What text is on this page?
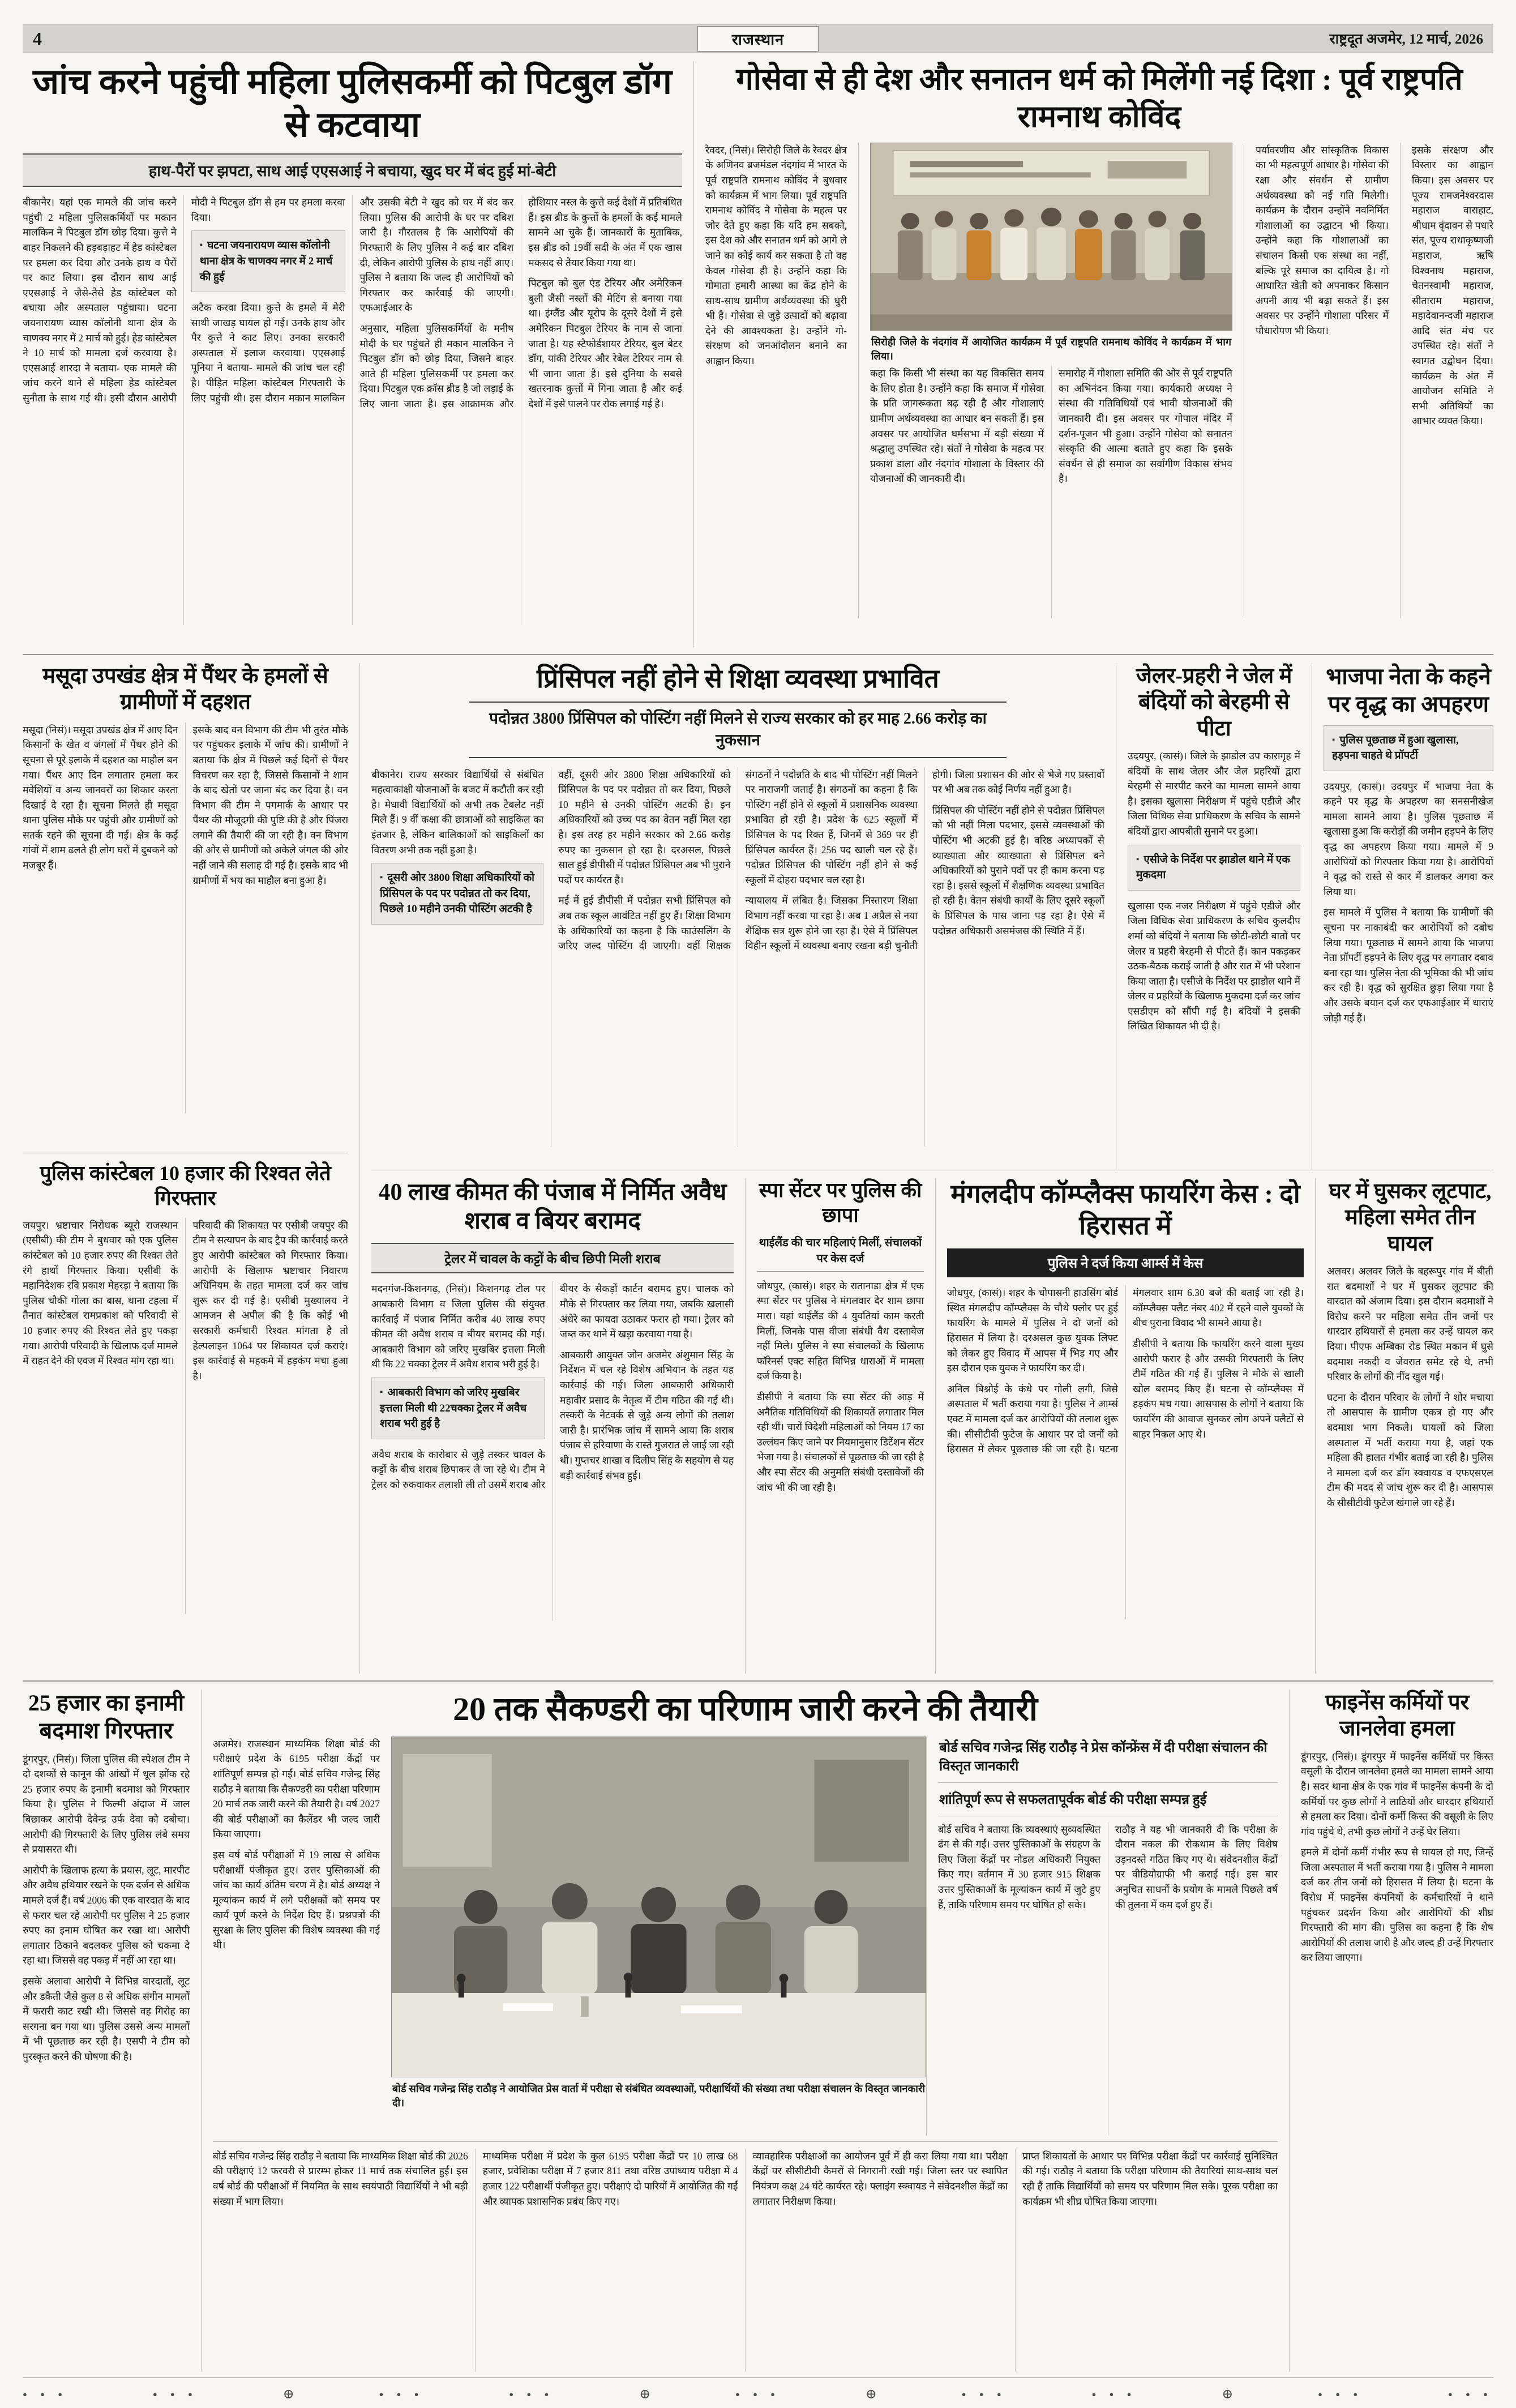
4	राजस्थान	राष्ट्रदूत अजमेर, 12 मार्च, 2026
जांच करने पहुंची महिला पुलिसकर्मी को पिटबुल डॉग से कटवाया
हाथ-पैरों पर झपटा, साथ आई एएसआई ने बचाया, खुद घर में बंद हुई मां-बेटी

बीकानेर। यहां एक मामले की जांच करने पहुंची 2 महिला पुलिसकर्मियों पर मकान मालकिन ने पिटबुल डॉग छोड़ दिया। कुत्ते ने बाहर निकलने की हड़बड़ाहट में हेड कांस्टेबल पर हमला कर दिया और उनके हाथ व पैरों पर काट लिया। इस दौरान साथ आई एएसआई ने जैसे-तैसे हेड कांस्टेबल को बचाया और अस्पताल पहुंचाया। घटना जयनारायण व्यास कॉलोनी थाना क्षेत्र के चाणक्य नगर में 2 मार्च को हुई। हेड कांस्टेबल ने 10 मार्च को मामला दर्ज करवाया है। एएसआई शारदा ने बताया- एक मामले की जांच करने थाने से महिला हेड कांस्टेबल सुनीता के साथ गई थी। इसी दौरान आरोपी मोदी ने पिटबुल डॉग से हम पर हमला करवा दिया।

▪ घटना जयनारायण व्यास कॉलोनी थाना क्षेत्र के चाणक्य नगर में 2 मार्च की हुई

अटैक करवा दिया। कुत्ते के हमले में मेरी साथी जाखड़ घायल हो गई। उनके हाथ और पैर कुत्ते ने काट लिए। उनका सरकारी अस्पताल में इलाज करवाया। एएसआई पूनिया ने बताया- मामले की जांच चल रही है। पीड़ित महिला कांस्टेबल गिरफ्तारी के लिए पहुंची थी। इस दौरान मकान मालकिन और उसकी बेटी ने खुद को घर में बंद कर लिया। पुलिस की आरोपी के घर पर दबिश जारी है। गौरतलब है कि आरोपियों की गिरफ्तारी के लिए पुलिस ने कई बार दबिश दी, लेकिन आरोपी पुलिस के हाथ नहीं आए। पुलिस ने बताया कि जल्द ही आरोपियों को गिरफ्तार कर कार्रवाई की जाएगी। एफआईआर के

अनुसार, महिला पुलिसकर्मियों के मनीष मोदी के घर पहुंचते ही मकान मालकिन ने पिटबुल डॉग को छोड़ दिया, जिसने बाहर आते ही महिला पुलिसकर्मी पर हमला कर दिया। पिटबुल एक क्रॉस ब्रीड है जो लड़ाई के लिए जाना जाता है। इस आक्रामक और होशियार नस्ल के कुत्ते कई देशों में प्रतिबंधित हैं। इस ब्रीड के कुत्तों के हमलों के कई मामले सामने आ चुके हैं। जानकारों के मुताबिक, इस ब्रीड को 19वीं सदी के अंत में एक खास मकसद से तैयार किया गया था।

पिटबुल को बुल एंड टेरियर और अमेरिकन बुली जैसी नस्लों की मेटिंग से बनाया गया था। इंग्लैंड और यूरोप के दूसरे देशों में इसे अमेरिकन पिटबुल टेरियर के नाम से जाना जाता है। यह स्टैफोर्डशायर टेरियर, बुल बेटर डॉग, यांकी टेरियर और रेबेल टेरियर नाम से भी जाना जाता है। इसे दुनिया के सबसे खतरनाक कुत्तों में गिना जाता है और कई देशों में इसे पालने पर रोक लगाई गई है।

गोसेवा से ही देश और सनातन धर्म को मिलेंगी नई दिशा : पूर्व राष्ट्रपति रामनाथ कोविंद

रेवदर, (निसं)। सिरोही जिले के रेवदर क्षेत्र के अणिनव ब्रजमंडल नंदगांव में भारत के पूर्व राष्ट्रपति रामनाथ कोविंद ने बुधवार को कार्यक्रम में भाग लिया। पूर्व राष्ट्रपति रामनाथ कोविंद ने गोसेवा के महत्व पर जोर देते हुए कहा कि यदि हम सबको, इस देश को और सनातन धर्म को आगे ले जाने का कोई कार्य कर सकता है तो वह केवल गोसेवा ही है। उन्होंने कहा कि गोमाता हमारी आस्था का केंद्र होने के साथ-साथ ग्रामीण अर्थव्यवस्था की धुरी भी है। गोसेवा से जुड़े उत्पादों को बढ़ावा देने की आवश्यकता है। उन्होंने गो-संरक्षण को जनआंदोलन बनाने का आह्वान किया।

सिरोही जिले के नंदगांव में आयोजित कार्यक्रम में पूर्व राष्ट्रपति रामनाथ कोविंद ने कार्यक्रम में भाग लिया।

कहा कि किसी भी संस्था का यह विकसित समय के लिए होता है। उन्होंने कहा कि समाज में गोसेवा के प्रति जागरूकता बढ़ रही है और गोशालाएं ग्रामीण अर्थव्यवस्था का आधार बन सकती हैं। इस अवसर पर आयोजित धर्मसभा में बड़ी संख्या में श्रद्धालु उपस्थित रहे। संतों ने गोसेवा के महत्व पर प्रकाश डाला और नंदगांव गोशाला के विस्तार की योजनाओं की जानकारी दी।

समारोह में गोशाला समिति की ओर से पूर्व राष्ट्रपति का अभिनंदन किया गया। कार्यकारी अध्यक्ष ने संस्था की गतिविधियों एवं भावी योजनाओं की जानकारी दी। इस अवसर पर गोपाल मंदिर में दर्शन-पूजन भी हुआ। उन्होंने गोसेवा को सनातन संस्कृति की आत्मा बताते हुए कहा कि इसके संवर्धन से ही समाज का सर्वांगीण विकास संभव है।

पर्यावरणीय और सांस्कृतिक विकास का भी महत्वपूर्ण आधार है। गोसेवा की रक्षा और संवर्धन से ग्रामीण अर्थव्यवस्था को नई गति मिलेगी। कार्यक्रम के दौरान उन्होंने नवनिर्मित गोशालाओं का उद्घाटन भी किया। उन्होंने कहा कि गोशालाओं का संचालन किसी एक संस्था का नहीं, बल्कि पूरे समाज का दायित्व है। गो आधारित खेती को अपनाकर किसान अपनी आय भी बढ़ा सकते हैं। इस अवसर पर उन्होंने गोशाला परिसर में पौधारोपण भी किया।

इसके संरक्षण और विस्तार का आह्वान किया। इस अवसर पर पूज्य रामजनेश्वरदास महाराज वाराहाट, श्रीधाम वृंदावन से पधारे संत, पूज्य राधाकृष्णजी महाराज, ऋषि विश्वनाथ महाराज, चेतनस्वामी महाराज, सीताराम महाराज, महादेवानन्दजी महाराज आदि संत मंच पर उपस्थित रहे। संतों ने स्वागत उद्बोधन दिया। कार्यक्रम के अंत में आयोजन समिति ने सभी अतिथियों का आभार व्यक्त किया।

मसूदा उपखंड क्षेत्र में पैंथर के हमलों से ग्रामीणों में दहशत

मसूदा (निसं)। मसूदा उपखंड क्षेत्र में आए दिन किसानों के खेत व जंगलों में पैंथर होने की सूचना से पूरे इलाके में दहशत का माहौल बन गया। पैंथर आए दिन लगातार हमला कर मवेशियों व अन्य जानवरों का शिकार करता दिखाई दे रहा है। सूचना मिलते ही मसूदा थाना पुलिस मौके पर पहुंची और ग्रामीणों को सतर्क रहने की सूचना दी गई। क्षेत्र के कई गांवों में शाम ढलते ही लोग घरों में दुबकने को मजबूर हैं।

इसके बाद वन विभाग की टीम भी तुरंत मौके पर पहुंचकर इलाके में जांच की। ग्रामीणों ने बताया कि क्षेत्र में पिछले कई दिनों से पैंथर विचरण कर रहा है, जिससे किसानों ने शाम के बाद खेतों पर जाना बंद कर दिया है। वन विभाग की टीम ने पगमार्क के आधार पर पैंथर की मौजूदगी की पुष्टि की है और पिंजरा लगाने की तैयारी की जा रही है। वन विभाग की ओर से ग्रामीणों को अकेले जंगल की ओर नहीं जाने की सलाह दी गई है। इसके बाद भी ग्रामीणों में भय का माहौल बना हुआ है।

पुलिस कांस्टेबल 10 हजार की रिश्वत लेते गिरफ्तार

जयपुर। भ्रष्टाचार निरोधक ब्यूरो राजस्थान (एसीबी) की टीम ने बुधवार को एक पुलिस कांस्टेबल को 10 हजार रुपए की रिश्वत लेते रंगे हाथों गिरफ्तार किया। एसीबी के महानिदेशक रवि प्रकाश मेहरड़ा ने बताया कि पुलिस चौकी गोला का बास, थाना टहला में तैनात कांस्टेबल रामप्रकाश को परिवादी से 10 हजार रुपए की रिश्वत लेते हुए पकड़ा गया। आरोपी परिवादी के खिलाफ दर्ज मामले में राहत देने की एवज में रिश्वत मांग रहा था।

परिवादी की शिकायत पर एसीबी जयपुर की टीम ने सत्यापन के बाद ट्रैप की कार्रवाई करते हुए आरोपी कांस्टेबल को गिरफ्तार किया। आरोपी के खिलाफ भ्रष्टाचार निवारण अधिनियम के तहत मामला दर्ज कर जांच शुरू कर दी गई है। एसीबी मुख्यालय ने आमजन से अपील की है कि कोई भी सरकारी कर्मचारी रिश्वत मांगता है तो हेल्पलाइन 1064 पर शिकायत दर्ज कराएं। इस कार्रवाई से महकमे में हड़कंप मचा हुआ है।

प्रिंसिपल नहीं होने से शिक्षा व्यवस्था प्रभावित
पदोन्नत 3800 प्रिंसिपल को पोस्टिंग नहीं मिलने से राज्य सरकार को हर माह 2.66 करोड़ का नुकसान

बीकानेर। राज्य सरकार विद्यार्थियों से संबंधित महत्वाकांक्षी योजनाओं के बजट में कटौती कर रही है। मेधावी विद्यार्थियों को अभी तक टैबलेट नहीं मिले हैं। 9 वीं कक्षा की छात्राओं को साइकिल का इंतजार है, लेकिन बालिकाओं को साइकिलों का वितरण अभी तक नहीं हुआ है।

▪ दूसरी ओर 3800 शिक्षा अधिकारियों को प्रिंसिपल के पद पर पदोन्नत तो कर दिया, पिछले 10 महीने उनकी पोस्टिंग अटकी है

वहीं, दूसरी ओर 3800 शिक्षा अधिकारियों को प्रिंसिपल के पद पर पदोन्नत तो कर दिया, पिछले 10 महीने से उनकी पोस्टिंग अटकी है। इन अधिकारियों को उच्च पद का वेतन नहीं मिल रहा है। इस तरह हर महीने सरकार को 2.66 करोड़ रुपए का नुकसान हो रहा है। दरअसल, पिछले साल हुई डीपीसी में पदोन्नत प्रिंसिपल अब भी पुराने पदों पर कार्यरत हैं।

मई में हुई डीपीसी में पदोन्नत सभी प्रिंसिपल को अब तक स्कूल आवंटित नहीं हुए हैं। शिक्षा विभाग के अधिकारियों का कहना है कि काउंसलिंग के जरिए जल्द पोस्टिंग दी जाएगी। वहीं शिक्षक संगठनों ने पदोन्नति के बाद भी पोस्टिंग नहीं मिलने पर नाराजगी जताई है। संगठनों का कहना है कि पोस्टिंग नहीं होने से स्कूलों में प्रशासनिक व्यवस्था प्रभावित हो रही है। प्रदेश के 625 स्कूलों में प्रिंसिपल के पद रिक्त हैं, जिनमें से 369 पर ही प्रिंसिपल कार्यरत हैं। 256 पद खाली चल रहे हैं। पदोन्नत प्रिंसिपल की पोस्टिंग नहीं होने से कई स्कूलों में दोहरा पदभार चल रहा है।

न्यायालय में लंबित है। जिसका निस्तारण शिक्षा विभाग नहीं करवा पा रहा है। अब 1 अप्रैल से नया शैक्षिक सत्र शुरू होने जा रहा है। ऐसे में प्रिंसिपल विहीन स्कूलों में व्यवस्था बनाए रखना बड़ी चुनौती होगी। जिला प्रशासन की ओर से भेजे गए प्रस्तावों पर भी अब तक कोई निर्णय नहीं हुआ है।

प्रिंसिपल की पोस्टिंग नहीं होने से पदोन्नत प्रिंसिपल को भी नहीं मिला पदभार, इससे व्यवस्थाओं की पोस्टिंग भी अटकी हुई है। वरिष्ठ अध्यापकों से व्याख्याता और व्याख्याता से प्रिंसिपल बने अधिकारियों को पुराने पदों पर ही काम करना पड़ रहा है। इससे स्कूलों में शैक्षणिक व्यवस्था प्रभावित हो रही है। वेतन संबंधी कार्यों के लिए दूसरे स्कूलों के प्रिंसिपल के पास जाना पड़ रहा है। ऐसे में पदोन्नत अधिकारी असमंजस की स्थिति में हैं।

जेलर-प्रहरी ने जेल में बंदियों को बेरहमी से पीटा

उदयपुर, (कासं)। जिले के झाडोल उप कारागृह में बंदियों के साथ जेलर और जेल प्रहरियों द्वारा बेरहमी से मारपीट करने का मामला सामने आया है। इसका खुलासा निरीक्षण में पहुंचे एडीजे और जिला विधिक सेवा प्राधिकरण के सचिव के सामने बंदियों द्वारा आपबीती सुनाने पर हुआ।

▪ एसीजे के निर्देश पर झाडोल थाने में एक मुकदमा

खुलासा एक नजर निरीक्षण में पहुंचे एडीजे और जिला विधिक सेवा प्राधिकरण के सचिव कुलदीप शर्मा को बंदियों ने बताया कि छोटी-छोटी बातों पर जेलर व प्रहरी बेरहमी से पीटते हैं। कान पकड़कर उठक-बैठक कराई जाती है और रात में भी परेशान किया जाता है। एसीजे के निर्देश पर झाडोल थाने में जेलर व प्रहरियों के खिलाफ मुकदमा दर्ज कर जांच एसडीएम को सौंपी गई है। बंदियों ने इसकी लिखित शिकायत भी दी है।

भाजपा नेता के कहने पर वृद्ध का अपहरण
▪ पुलिस पूछताछ में हुआ खुलासा, हड़पना चाहते थे प्रॉपर्टी

उदयपुर, (कासं)। उदयपुर में भाजपा नेता के कहने पर वृद्ध के अपहरण का सनसनीखेज मामला सामने आया है। पुलिस पूछताछ में खुलासा हुआ कि करोड़ों की जमीन हड़पने के लिए वृद्ध का अपहरण किया गया। मामले में 9 आरोपियों को गिरफ्तार किया गया है। आरोपियों ने वृद्ध को रास्ते से कार में डालकर अगवा कर लिया था।

इस मामले में पुलिस ने बताया कि ग्रामीणों की सूचना पर नाकाबंदी कर आरोपियों को दबोच लिया गया। पूछताछ में सामने आया कि भाजपा नेता प्रॉपर्टी हड़पने के लिए वृद्ध पर लगातार दबाव बना रहा था। पुलिस नेता की भूमिका की भी जांच कर रही है। वृद्ध को सुरक्षित छुड़ा लिया गया है और उसके बयान दर्ज कर एफआईआर में धाराएं जोड़ी गई हैं।

40 लाख कीमत की पंजाब में निर्मित अवैध शराब व बियर बरामद
ट्रेलर में चावल के कट्टों के बीच छिपी मिली शराब

मदनगंज-किशनगढ़, (निसं)। किशनगढ़ टोल पर आबकारी विभाग व जिला पुलिस की संयुक्त कार्रवाई में पंजाब निर्मित करीब 40 लाख रुपए कीमत की अवैध शराब व बीयर बरामद की गई। आबकारी विभाग को जरिए मुखबिर इत्तला मिली थी कि 22 चक्का ट्रेलर में अवैध शराब भरी हुई है।

▪ आबकारी विभाग को जरिए मुखबिर इत्तला मिली थी 22चक्का ट्रेलर में अवैध शराब भरी हुई है

अवैध शराब के कारोबार से जुड़े तस्कर चावल के कट्टों के बीच शराब छिपाकर ले जा रहे थे। टीम ने ट्रेलर को रुकवाकर तलाशी ली तो उसमें शराब और बीयर के सैकड़ों कार्टन बरामद हुए। चालक को मौके से गिरफ्तार कर लिया गया, जबकि खलासी अंधेरे का फायदा उठाकर फरार हो गया। ट्रेलर को जब्त कर थाने में खड़ा करवाया गया है।

आबकारी आयुक्त जोन अजमेर अंशुमान सिंह के निर्देशन में चल रहे विशेष अभियान के तहत यह कार्रवाई की गई। जिला आबकारी अधिकारी महावीर प्रसाद के नेतृत्व में टीम गठित की गई थी। तस्करी के नेटवर्क से जुड़े अन्य लोगों की तलाश जारी है। प्रारंभिक जांच में सामने आया कि शराब पंजाब से हरियाणा के रास्ते गुजरात ले जाई जा रही थी। गुप्तचर शाखा व दिलीप सिंह के सहयोग से यह बड़ी कार्रवाई संभव हुई।

स्पा सेंटर पर पुलिस की छापा
थाईलैंड की चार महिलाएं मिलीं, संचालकों पर केस दर्ज

जोधपुर, (कासं)। शहर के रातानाडा क्षेत्र में एक स्पा सेंटर पर पुलिस ने मंगलवार देर शाम छापा मारा। यहां थाईलैंड की 4 युवतियां काम करती मिलीं, जिनके पास वीजा संबंधी वैध दस्तावेज नहीं मिले। पुलिस ने स्पा संचालकों के खिलाफ फॉरेनर्स एक्ट सहित विभिन्न धाराओं में मामला दर्ज किया है।

डीसीपी ने बताया कि स्पा सेंटर की आड़ में अनैतिक गतिविधियों की शिकायतें लगातार मिल रही थीं। चारों विदेशी महिलाओं को नियम 17 का उल्लंघन किए जाने पर नियमानुसार डिटेंशन सेंटर भेजा गया है। संचालकों से पूछताछ की जा रही है और स्पा सेंटर की अनुमति संबंधी दस्तावेजों की जांच भी की जा रही है।

मंगलदीप कॉम्प्लैक्स फायरिंग केस : दो हिरासत में
पुलिस ने दर्ज किया आर्म्स में केस

जोधपुर, (कासं)। शहर के चौपासनी हाउसिंग बोर्ड स्थित मंगलदीप कॉम्प्लैक्स के चौथे फ्लोर पर हुई फायरिंग के मामले में पुलिस ने दो जनों को हिरासत में लिया है। दरअसल कुछ युवक लिफ्ट को लेकर हुए विवाद में आपस में भिड़ गए और इस दौरान एक युवक ने फायरिंग कर दी।

अनिल बिश्नोई के कंधे पर गोली लगी, जिसे अस्पताल में भर्ती कराया गया है। पुलिस ने आर्म्स एक्ट में मामला दर्ज कर आरोपियों की तलाश शुरू की। सीसीटीवी फुटेज के आधार पर दो जनों को हिरासत में लेकर पूछताछ की जा रही है। घटना मंगलवार शाम 6.30 बजे की बताई जा रही है। कॉम्प्लैक्स फ्लैट नंबर 402 में रहने वाले युवकों के बीच पुराना विवाद भी सामने आया है।

डीसीपी ने बताया कि फायरिंग करने वाला मुख्य आरोपी फरार है और उसकी गिरफ्तारी के लिए टीमें गठित की गई हैं। पुलिस ने मौके से खाली खोल बरामद किए हैं। घटना से कॉम्प्लैक्स में हड़कंप मच गया। आसपास के लोगों ने बताया कि फायरिंग की आवाज सुनकर लोग अपने फ्लैटों से बाहर निकल आए थे।

घर में घुसकर लूटपाट, महिला समेत तीन घायल

अलवर। अलवर जिले के बहरूपुर गांव में बीती रात बदमाशों ने घर में घुसकर लूटपाट की वारदात को अंजाम दिया। इस दौरान बदमाशों ने विरोध करने पर महिला समेत तीन जनों पर धारदार हथियारों से हमला कर उन्हें घायल कर दिया। पीएफ अम्बिका रोड स्थित मकान में घुसे बदमाश नकदी व जेवरात समेट रहे थे, तभी परिवार के लोगों की नींद खुल गई।

घटना के दौरान परिवार के लोगों ने शोर मचाया तो आसपास के ग्रामीण एकत्र हो गए और बदमाश भाग निकले। घायलों को जिला अस्पताल में भर्ती कराया गया है, जहां एक महिला की हालत गंभीर बताई जा रही है। पुलिस ने मामला दर्ज कर डॉग स्क्वायड व एफएसएल टीम की मदद से जांच शुरू कर दी है। आसपास के सीसीटीवी फुटेज खंगाले जा रहे हैं।

25 हजार का इनामी बदमाश गिरफ्तार

डूंगरपुर, (निसं)। जिला पुलिस की स्पेशल टीम ने दो दशकों से कानून की आंखों में धूल झोंक रहे 25 हजार रुपए के इनामी बदमाश को गिरफ्तार किया है। पुलिस ने फिल्मी अंदाज में जाल बिछाकर आरोपी देवेन्द्र उर्फ देवा को दबोचा। आरोपी की गिरफ्तारी के लिए पुलिस लंबे समय से प्रयासरत थी।

आरोपी के खिलाफ हत्या के प्रयास, लूट, मारपीट और अवैध हथियार रखने के एक दर्जन से अधिक मामले दर्ज हैं। वर्ष 2006 की एक वारदात के बाद से फरार चल रहे आरोपी पर पुलिस ने 25 हजार रुपए का इनाम घोषित कर रखा था। आरोपी लगातार ठिकाने बदलकर पुलिस को चकमा दे रहा था। जिससे वह पकड़ में नहीं आ रहा था।

इसके अलावा आरोपी ने विभिन्न वारदातों, लूट और डकैती जैसे कुल 8 से अधिक संगीन मामलों में फरारी काट रखी थी। जिससे वह गिरोह का सरगना बन गया था। पुलिस उससे अन्य मामलों में भी पूछताछ कर रही है। एसपी ने टीम को पुरस्कृत करने की घोषणा की है।

20 तक सैकण्डरी का परिणाम जारी करने की तैयारी

अजमेर। राजस्थान माध्यमिक शिक्षा बोर्ड की परीक्षाएं प्रदेश के 6195 परीक्षा केंद्रों पर शांतिपूर्ण सम्पन्न हो गईं। बोर्ड सचिव गजेन्द्र सिंह राठौड़ ने बताया कि सैकण्डरी का परीक्षा परिणाम 20 मार्च तक जारी करने की तैयारी है। वर्ष 2027 की बोर्ड परीक्षाओं का कैलेंडर भी जल्द जारी किया जाएगा।

इस वर्ष बोर्ड परीक्षाओं में 19 लाख से अधिक परीक्षार्थी पंजीकृत हुए। उत्तर पुस्तिकाओं की जांच का कार्य अंतिम चरण में है। बोर्ड अध्यक्ष ने मूल्यांकन कार्य में लगे परीक्षकों को समय पर कार्य पूर्ण करने के निर्देश दिए हैं। प्रश्नपत्रों की सुरक्षा के लिए पुलिस की विशेष व्यवस्था की गई थी।

बोर्ड सचिव गजेन्द्र सिंह राठौड़ ने आयोजित प्रेस वार्ता में परीक्षा से संबंधित व्यवस्थाओं, परीक्षार्थियों की संख्या तथा परीक्षा संचालन के विस्तृत जानकारी दी।
बोर्ड सचिव गजेन्द्र सिंह राठौड़ ने प्रेस कॉन्फ्रेंस में दी परीक्षा संचालन की विस्तृत जानकारी
शांतिपूर्ण रूप से सफलतापूर्वक बोर्ड की परीक्षा सम्पन्न हुई

बोर्ड सचिव ने बताया कि व्यवस्थाएं सुव्यवस्थित ढंग से की गईं। उत्तर पुस्तिकाओं के संग्रहण के लिए जिला केंद्रों पर नोडल अधिकारी नियुक्त किए गए। वर्तमान में 30 हजार 915 शिक्षक उत्तर पुस्तिकाओं के मूल्यांकन कार्य में जुटे हुए हैं, ताकि परिणाम समय पर घोषित हो सके।

राठौड़ ने यह भी जानकारी दी कि परीक्षा के दौरान नकल की रोकथाम के लिए विशेष उड़नदस्ते गठित किए गए थे। संवेदनशील केंद्रों पर वीडियोग्राफी भी कराई गई। इस बार अनुचित साधनों के प्रयोग के मामले पिछले वर्ष की तुलना में कम दर्ज हुए हैं।

बोर्ड सचिव गजेन्द्र सिंह राठौड़ ने बताया कि माध्यमिक शिक्षा बोर्ड की 2026 की परीक्षाएं 12 फरवरी से प्रारम्भ होकर 11 मार्च तक संचालित हुईं। इस वर्ष बोर्ड की परीक्षाओं में नियमित के साथ स्वयंपाठी विद्यार्थियों ने भी बड़ी संख्या में भाग लिया।

माध्यमिक परीक्षा में प्रदेश के कुल 6195 परीक्षा केंद्रों पर 10 लाख 68 हजार, प्रवेशिका परीक्षा में 7 हजार 811 तथा वरिष्ठ उपाध्याय परीक्षा में 4 हजार 122 परीक्षार्थी पंजीकृत हुए। परीक्षाएं दो पारियों में आयोजित की गईं और व्यापक प्रशासनिक प्रबंध किए गए।

व्यावहारिक परीक्षाओं का आयोजन पूर्व में ही करा लिया गया था। परीक्षा केंद्रों पर सीसीटीवी कैमरों से निगरानी रखी गई। जिला स्तर पर स्थापित नियंत्रण कक्ष 24 घंटे कार्यरत रहे। फ्लाइंग स्क्वायड ने संवेदनशील केंद्रों का लगातार निरीक्षण किया।

प्राप्त शिकायतों के आधार पर विभिन्न परीक्षा केंद्रों पर कार्रवाई सुनिश्चित की गई। राठौड़ ने बताया कि परीक्षा परिणाम की तैयारियां साथ-साथ चल रही हैं ताकि विद्यार्थियों को समय पर परिणाम मिल सके। पूरक परीक्षा का कार्यक्रम भी शीघ्र घोषित किया जाएगा।

फाइनेंस कर्मियों पर जानलेवा हमला

डूंगरपुर, (निसं)। डूंगरपुर में फाइनेंस कर्मियों पर किस्त वसूली के दौरान जानलेवा हमले का मामला सामने आया है। सदर थाना क्षेत्र के एक गांव में फाइनेंस कंपनी के दो कर्मियों पर कुछ लोगों ने लाठियों और धारदार हथियारों से हमला कर दिया। दोनों कर्मी किस्त की वसूली के लिए गांव पहुंचे थे, तभी कुछ लोगों ने उन्हें घेर लिया।

हमले में दोनों कर्मी गंभीर रूप से घायल हो गए, जिन्हें जिला अस्पताल में भर्ती कराया गया है। पुलिस ने मामला दर्ज कर तीन जनों को हिरासत में लिया है। घटना के विरोध में फाइनेंस कंपनियों के कर्मचारियों ने थाने पहुंचकर प्रदर्शन किया और आरोपियों की शीघ्र गिरफ्तारी की मांग की। पुलिस का कहना है कि शेष आरोपियों की तलाश जारी है और जल्द ही उन्हें गिरफ्तार कर लिया जाएगा।

● ● ●	● ● ●	⊕	● ● ●	● ● ●	⊕	● ● ●	⊕	● ● ●	● ● ●	⊕	● ● ●	● ● ●
